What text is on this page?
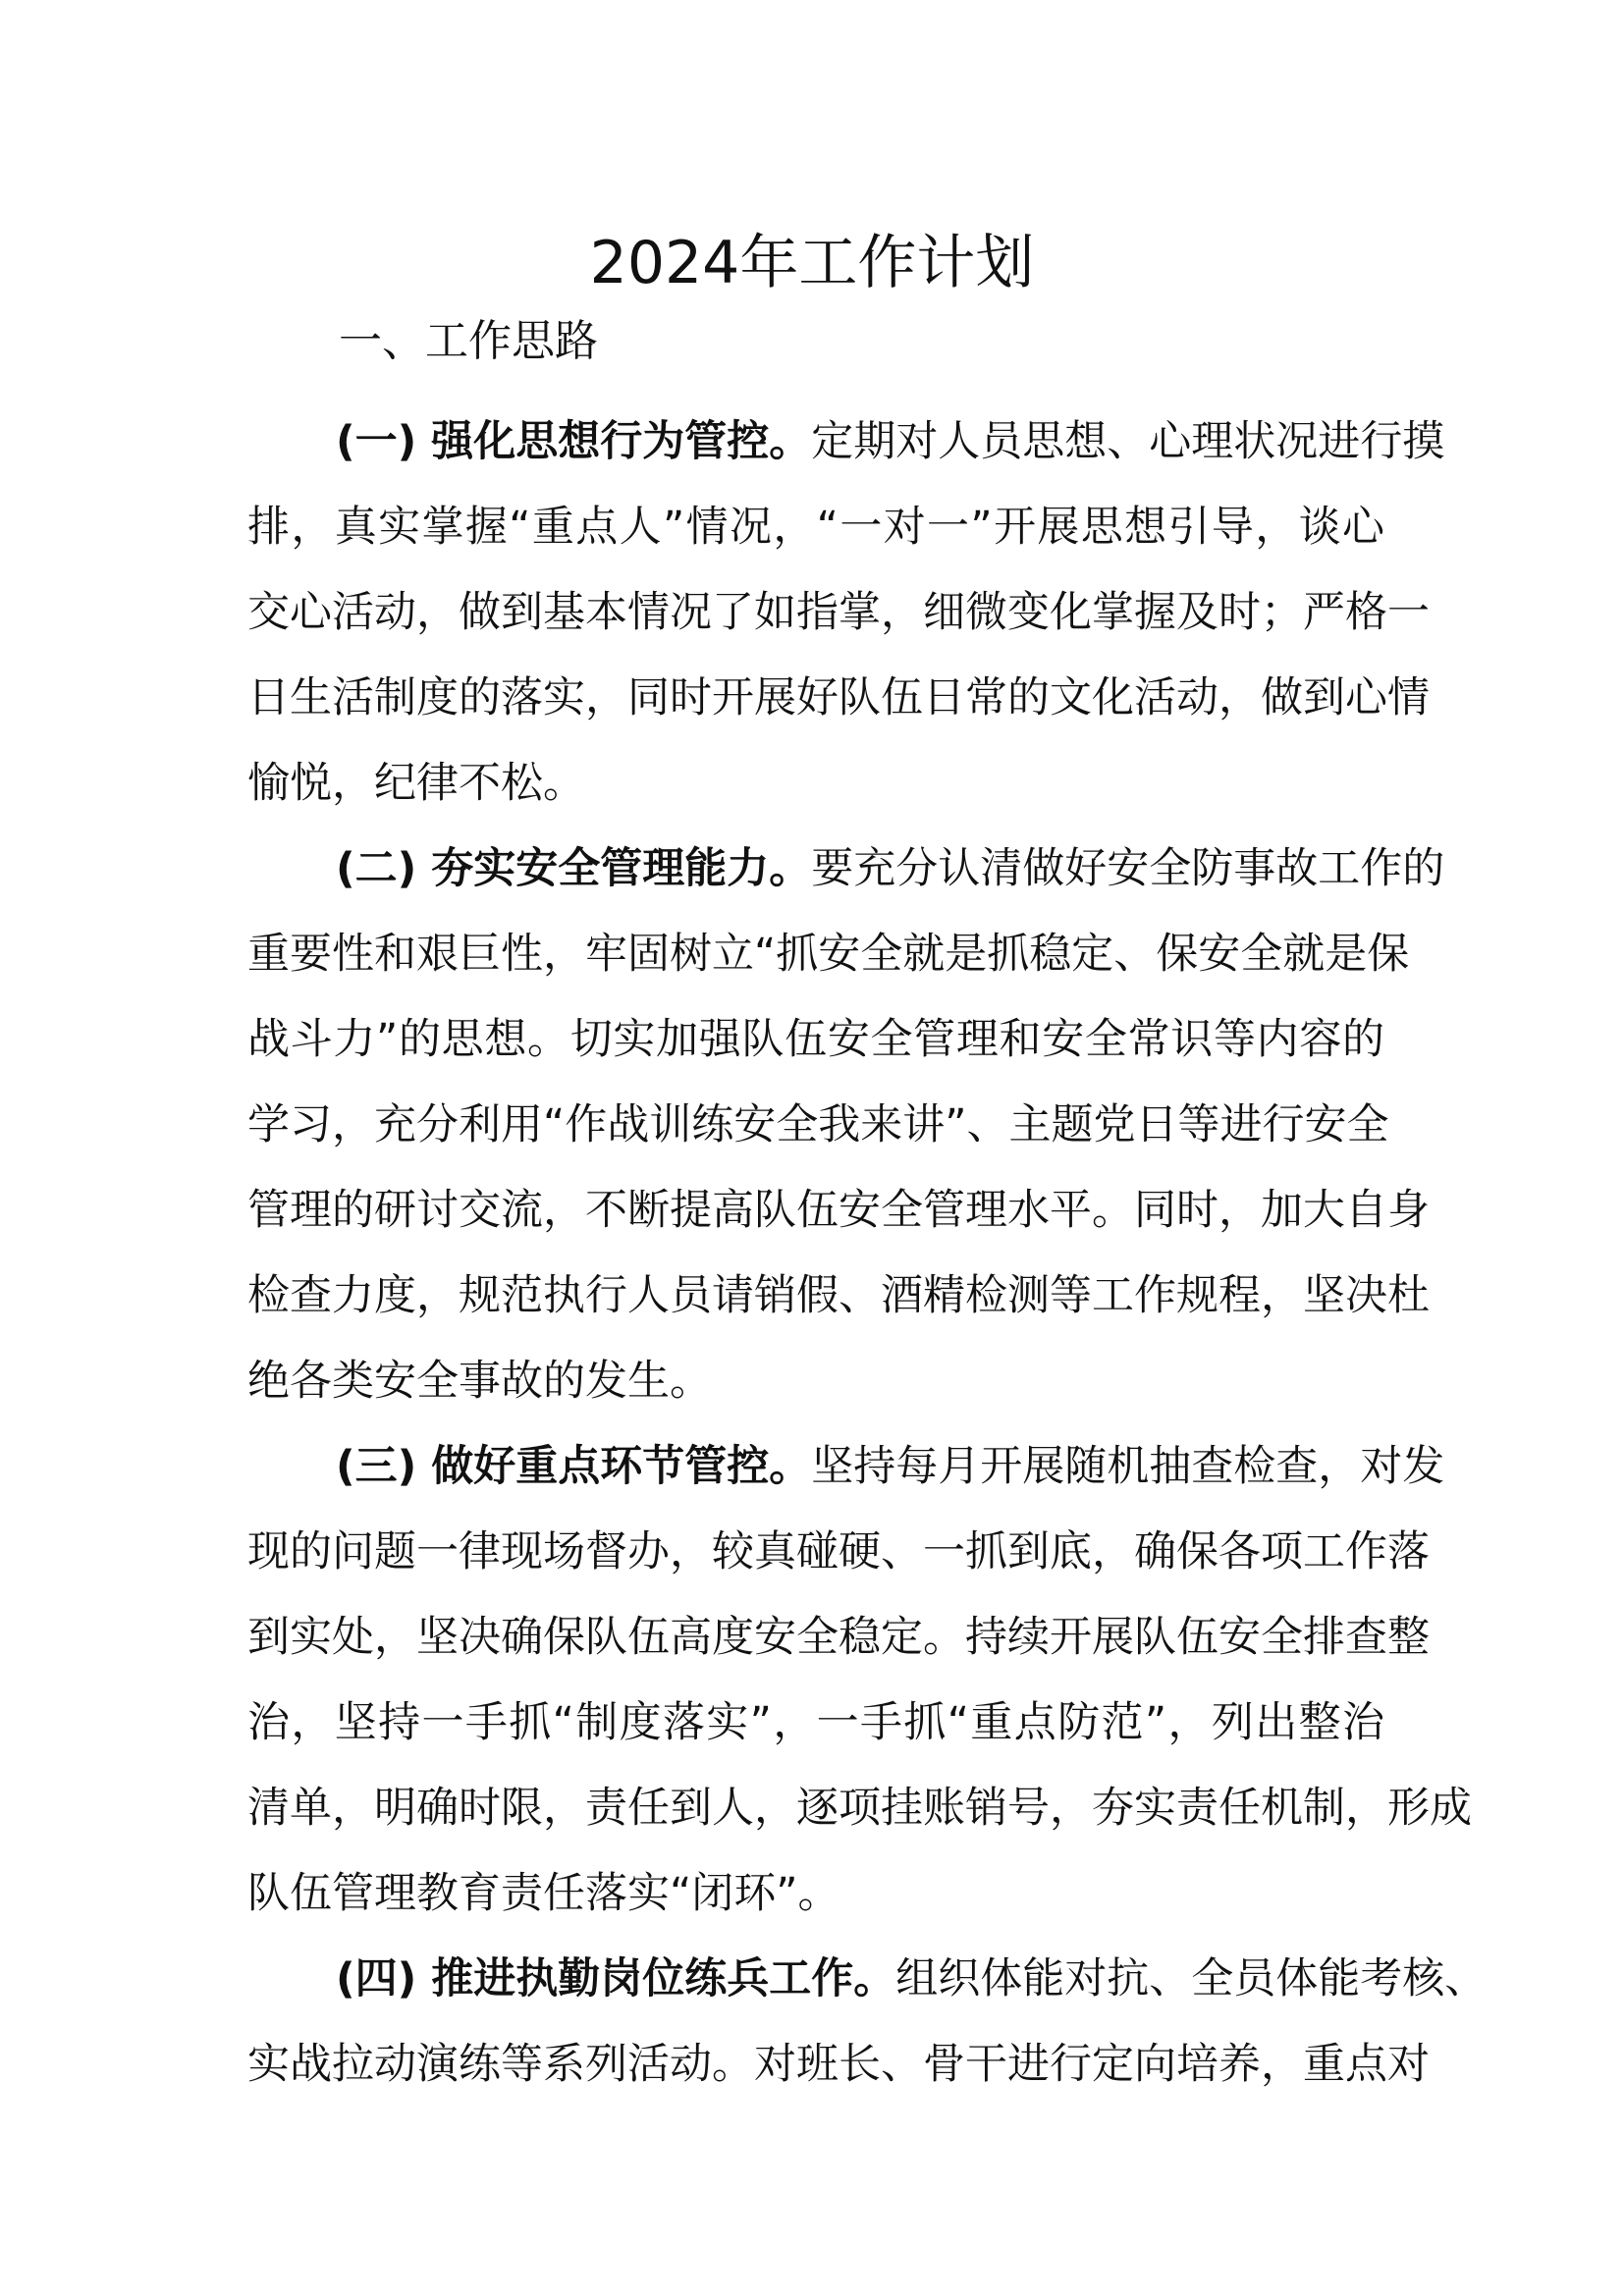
2024年工作计划
一、工作思路
(一) 强化思想行为管控。定期对人员思想、心理状况进行摸
排，真实掌握“重点人”情况，“一对一”开展思想引导，谈心
交心活动，做到基本情况了如指掌，细微变化掌握及时；严格一
日生活制度的落实，同时开展好队伍日常的文化活动，做到心情
愉悦，纪律不松。
(二) 夯实安全管理能力。要充分认清做好安全防事故工作的
重要性和艰巨性，牢固树立“抓安全就是抓稳定、保安全就是保
战斗力”的思想。切实加强队伍安全管理和安全常识等内容的
学习，充分利用“作战训练安全我来讲”、主题党日等进行安全
管理的研讨交流，不断提高队伍安全管理水平。同时，加大自身
检查力度，规范执行人员请销假、酒精检测等工作规程，坚决杜
绝各类安全事故的发生。
(三) 做好重点环节管控。坚持每月开展随机抽查检查，对发
现的问题一律现场督办，较真碰硬、一抓到底，确保各项工作落
到实处，坚决确保队伍高度安全稳定。持续开展队伍安全排查整
治，坚持一手抓“制度落实”，一手抓“重点防范”，列出整治
清单，明确时限，责任到人，逐项挂账销号，夯实责任机制，形成
队伍管理教育责任落实“闭环”。
(四) 推进执勤岗位练兵工作。组织体能对抗、全员体能考核、
实战拉动演练等系列活动。对班长、骨干进行定向培养，重点对
